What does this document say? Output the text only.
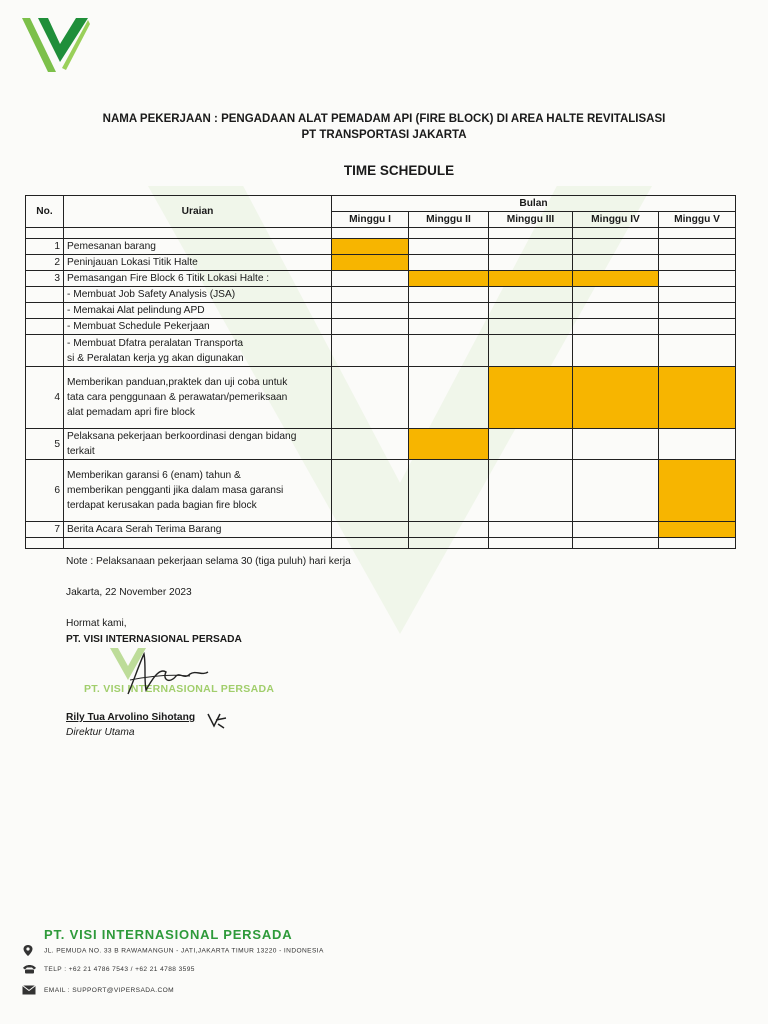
NAMA PEKERJAAN : PENGADAAN ALAT PEMADAM API (FIRE BLOCK) DI AREA HALTE REVITALISASI
PT TRANSPORTASI JAKARTA
TIME SCHEDULE
No.	Uraian	Bulan				
		Minggu I	Minggu II	Minggu III	Minggu IV	Minggu V

1	Pemesanan barang					

2	Peninjauan Lokasi Titik Halte					

3	Pemasangan Fire Block 6 Titik Lokasi Halte :					

	- Membuat Job Safety Analysis (JSA)					

	- Memakai Alat pelindung APD					

	- Membuat Schedule Pekerjaan					

	- Membuat Dfatra peralatan Transporta
si & Peralatan kerja yg akan digunakan					

4	Memberikan panduan,praktek dan uji coba untuk
tata cara penggunaan & perawatan/pemeriksaan
alat pemadam apri fire block					

5	Pelaksana pekerjaan berkoordinasi dengan bidang
terkait					

6	Memberikan garansi 6 (enam) tahun &
memberikan pengganti jika dalam masa garansi
terdapat kerusakan pada bagian fire block					

7	Berita Acara Serah Terima Barang					

Note : Pelaksanaan pekerjaan selama 30 (tiga puluh) hari kerja
Jakarta, 22 November 2023
Hormat kami,
PT. VISI INTERNASIONAL PERSADA
PT. VISI INTERNASIONAL PERSADA
Rily Tua Arvolino Sihotang
Direktur Utama
PT. VISI INTERNASIONAL PERSADA
JL. PEMUDA NO. 33 B RAWAMANGUN - JATI,JAKARTA TIMUR 13220 - INDONESIA
TELP : +62 21 4786 7543 / +62 21 4788 3595
EMAIL : SUPPORT@VIPERSADA.COM
